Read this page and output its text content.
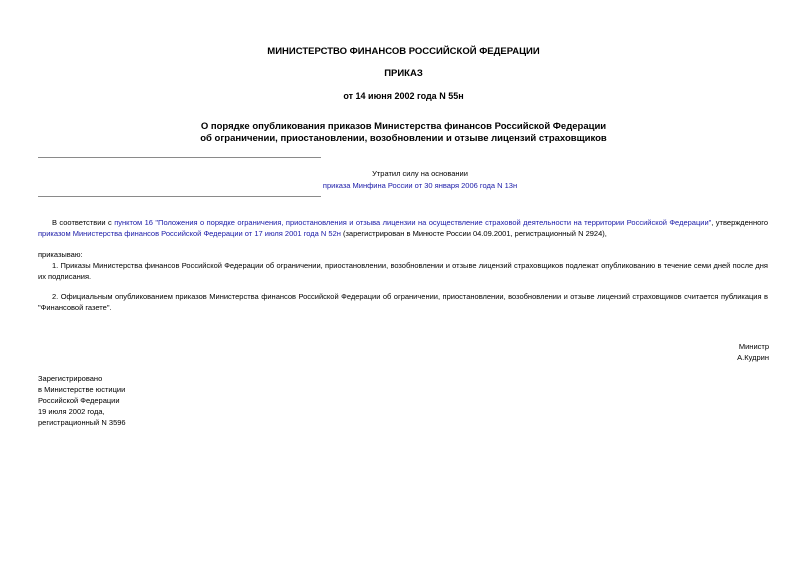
МИНИСТЕРСТВО ФИНАНСОВ РОССИЙСКОЙ ФЕДЕРАЦИИ
ПРИКАЗ
от 14 июня 2002 года N 55н
О порядке опубликования приказов Министерства финансов Российской Федерации
об ограничении, приостановлении, возобновлении и отзыве лицензий страховщиков
Утратил силу на основании
приказа Минфина России от 30 января 2006 года N 13н
В соответствии с пунктом 16 "Положения о порядке ограничения, приостановления и отзыва лицензии на осуществление страховой деятельности на территории Российской Федерации", утвержденного приказом Министерства финансов Российской Федерации от 17 июля 2001 года N 52н (зарегистрирован в Минюсте России 04.09.2001, регистрационный N 2924),
приказываю:
1. Приказы Министерства финансов Российской Федерации об ограничении, приостановлении, возобновлении и отзыве лицензий страховщиков подлежат опубликованию в течение семи дней после дня их подписания.
2. Официальным опубликованием приказов Министерства финансов Российской Федерации об ограничении, приостановлении, возобновлении и отзыве лицензий страховщиков считается публикация в "Финансовой газете".
Министр
А.Кудрин
Зарегистрировано
в Министерстве юстиции
Российской Федерации
19 июля 2002 года,
регистрационный N 3596
